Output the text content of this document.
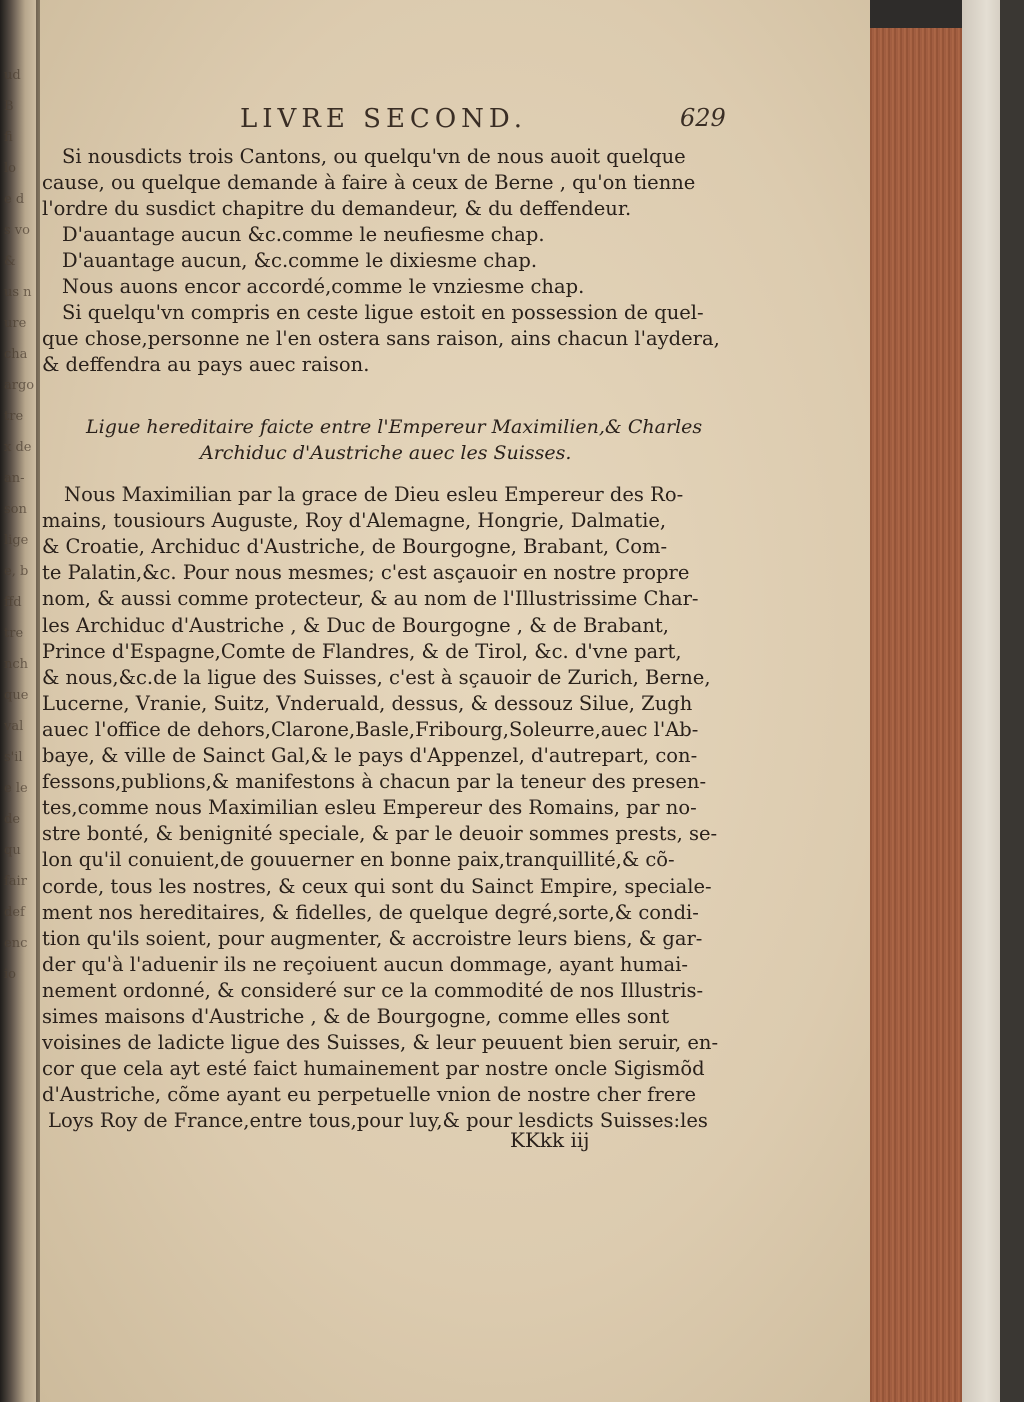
ud
B
fi
lo
e d
s vo
&
us n
ure
cha
argo
tre
x de
an-
son
lige
e, b
ffd
tre
nch
que
val
s'il
e le
de
qu
fair
def
enc
io
LIVRE SECOND.	629
Si nousdicts trois Cantons, ou quelqu'vn de nous auoit quelque
cause, ou quelque demande à faire à ceux de Berne , qu'on tienne
l'ordre du susdict chapitre du demandeur, & du deffendeur.
D'auantage aucun &c.comme le neufiesme chap.
D'auantage aucun, &c.comme le dixiesme chap.
Nous auons encor accordé,comme le vnziesme chap.
Si quelqu'vn compris en ceste ligue estoit en possession de quel-
que chose,personne ne l'en ostera sans raison, ains chacun l'aydera,
& deffendra au pays auec raison.
Ligue hereditaire faicte entre l'Empereur Maximilien,& Charles
Archiduc d'Austriche auec les Suisses.
Nous Maximilian par la grace de Dieu esleu Empereur des Ro-
mains, tousiours Auguste, Roy d'Alemagne, Hongrie, Dalmatie,
& Croatie, Archiduc d'Austriche, de Bourgogne, Brabant, Com-
te Palatin,&c. Pour nous mesmes; c'est asçauoir en nostre propre
nom, & aussi comme protecteur, & au nom de l'Illustrissime Char-
les Archiduc d'Austriche , & Duc de Bourgogne , & de Brabant,
Prince d'Espagne,Comte de Flandres, & de Tirol, &c. d'vne part,
& nous,&c.de la ligue des Suisses, c'est à sçauoir de Zurich, Berne,
Lucerne, Vranie, Suitz, Vnderuald, dessus, & dessouz Silue, Zugh
auec l'office de dehors,Clarone,Basle,Fribourg,Soleurre,auec l'Ab-
baye, & ville de Sainct Gal,& le pays d'Appenzel, d'autrepart, con-
fessons,publions,& manifestons à chacun par la teneur des presen-
tes,comme nous Maximilian esleu Empereur des Romains, par no-
stre bonté, & benignité speciale, & par le deuoir sommes prests, se-
lon qu'il conuient,de gouuerner en bonne paix,tranquillité,& cõ-
corde, tous les nostres, & ceux qui sont du Sainct Empire, speciale-
ment nos hereditaires, & fidelles, de quelque degré,sorte,& condi-
tion qu'ils soient, pour augmenter, & accroistre leurs biens, & gar-
der qu'à l'aduenir ils ne reçoiuent aucun dommage, ayant humai-
nement ordonné, & consideré sur ce la commodité de nos Illustris-
simes maisons d'Austriche , & de Bourgogne, comme elles sont
voisines de ladicte ligue des Suisses, & leur peuuent bien seruir, en-
cor que cela ayt esté faict humainement par nostre oncle Sigismõd
d'Austriche, cõme ayant eu perpetuelle vnion de nostre cher frere
Loys Roy de France,entre tous,pour luy,& pour lesdicts Suisses:les
KKkk iij
